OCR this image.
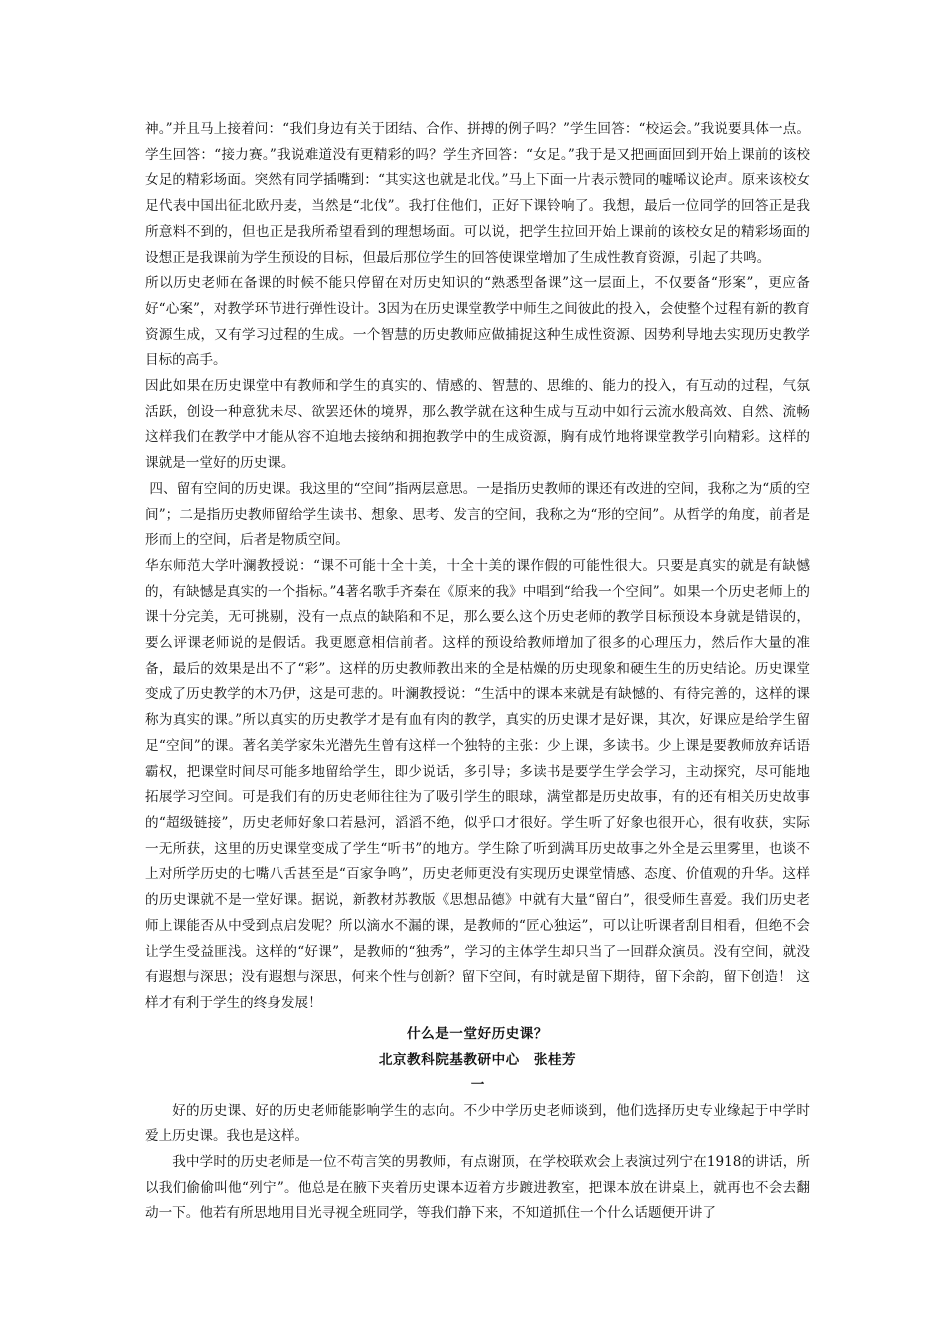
神。”并且马上接着问：“我们身边有关于团结、合作、拼搏的例子吗？”学生回答：“校运会。”我说要具体一点。学生回答：“接力赛。”我说难道没有更精彩的吗？学生齐回答：“女足。”我于是又把画面回到开始上课前的该校女足的精彩场面。突然有同学插嘴到：“其实这也就是北伐。”马上下面一片表示赞同的嘘唏议论声。原来该校女足代表中国出征北欧丹麦，当然是“北伐”。我打住他们，正好下课铃响了。我想，最后一位同学的回答正是我所意料不到的，但也正是我所希望看到的理想场面。可以说，把学生拉回开始上课前的该校女足的精彩场面的设想正是我课前为学生预设的目标，但最后那位学生的回答使课堂增加了生成性教育资源，引起了共鸣。

所以历史老师在备课的时候不能只停留在对历史知识的“熟悉型备课”这一层面上，不仅要备“形案”，更应备好“心案”，对教学环节进行弹性设计。3因为在历史课堂教学中师生之间彼此的投入，会使整个过程有新的教育资源生成，又有学习过程的生成。一个智慧的历史教师应做捕捉这种生成性资源、因势利导地去实现历史教学目标的高手。

因此如果在历史课堂中有教师和学生的真实的、情感的、智慧的、思维的、能力的投入，有互动的过程，气氛活跃，创设一种意犹未尽、欲罢还休的境界，那么教学就在这种生成与互动中如行云流水般高效、自然、流畅这样我们在教学中才能从容不迫地去接纳和拥抱教学中的生成资源，胸有成竹地将课堂教学引向精彩。这样的课就是一堂好的历史课。

四、留有空间的历史课。我这里的“空间”指两层意思。一是指历史教师的课还有改进的空间，我称之为“质的空间”；二是指历史教师留给学生读书、想象、思考、发言的空间，我称之为“形的空间”。从哲学的角度，前者是形而上的空间，后者是物质空间。

华东师范大学叶澜教授说：“课不可能十全十美，十全十美的课作假的可能性很大。只要是真实的就是有缺憾的，有缺憾是真实的一个指标。”4著名歌手齐秦在《原来的我》中唱到“给我一个空间”。如果一个历史老师上的课十分完美，无可挑剔，没有一点点的缺陷和不足，那么要么这个历史老师的教学目标预设本身就是错误的，要么评课老师说的是假话。我更愿意相信前者。这样的预设给教师增加了很多的心理压力，然后作大量的准备，最后的效果是出不了“彩”。这样的历史教师教出来的全是枯燥的历史现象和硬生生的历史结论。历史课堂变成了历史教学的木乃伊，这是可悲的。叶澜教授说：“生活中的课本来就是有缺憾的、有待完善的，这样的课称为真实的课。”所以真实的历史教学才是有血有肉的教学，真实的历史课才是好课，其次，好课应是给学生留足“空间”的课。著名美学家朱光潜先生曾有这样一个独特的主张：少上课，多读书。少上课是要教师放弃话语霸权，把课堂时间尽可能多地留给学生，即少说话，多引导；多读书是要学生学会学习，主动探究，尽可能地拓展学习空间。可是我们有的历史老师往往为了吸引学生的眼球，满堂都是历史故事，有的还有相关历史故事的“超级链接”，历史老师好象口若悬河，滔滔不绝，似乎口才很好。学生听了好象也很开心，很有收获，实际一无所获，这里的历史课堂变成了学生“听书”的地方。学生除了听到满耳历史故事之外全是云里雾里，也谈不上对所学历史的七嘴八舌甚至是“百家争鸣”，历史老师更没有实现历史课堂情感、态度、价值观的升华。这样的历史课就不是一堂好课。据说，新教材苏教版《思想品德》中就有大量“留白”，很受师生喜爱。我们历史老师上课能否从中受到点启发呢？所以滴水不漏的课，是教师的“匠心独运”，可以让听课者刮目相看，但绝不会让学生受益匪浅。这样的“好课”，是教师的“独秀”，学习的主体学生却只当了一回群众演员。没有空间，就没有遐想与深思；没有遐想与深思，何来个性与创新？留下空间，有时就是留下期待，留下余韵，留下创造！ 这样才有利于学生的终身发展！

什么是一堂好历史课？
北京教科院基教研中心　张桂芳
一

好的历史课、好的历史老师能影响学生的志向。不少中学历史老师谈到，他们选择历史专业缘起于中学时爱上历史课。我也是这样。

我中学时的历史老师是一位不苟言笑的男教师，有点谢顶，在学校联欢会上表演过列宁在1918的讲话，所以我们偷偷叫他“列宁”。他总是在腋下夹着历史课本迈着方步踱进教室，把课本放在讲桌上，就再也不会去翻动一下。他若有所思地用目光寻视全班同学，等我们静下来，不知道抓住一个什么话题便开讲了
